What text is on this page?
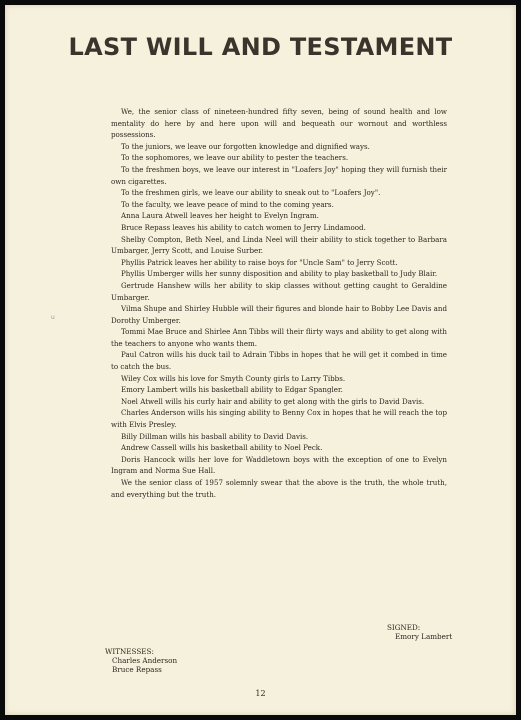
LAST WILL AND TESTAMENT
u

We, the senior class of nineteen-hundred fifty seven, being of sound health and low mentality do here by and here upon will and bequeath our wornout and worthless possessions.

To the juniors, we leave our forgotten knowledge and dignified ways.

To the sophomores, we leave our ability to pester the teachers.

To the freshmen boys, we leave our interest in "Loafers Joy" hoping they will furnish their own cigarettes.

To the freshmen girls, we leave our ability to sneak out to "Loafers Joy".

To the faculty, we leave peace of mind to the coming years.

Anna Laura Atwell leaves her height to Evelyn Ingram.

Bruce Repass leaves his ability to catch women to Jerry Lindamood.

Shelby Compton, Beth Neel, and Linda Neel will their ability to stick together to Barbara Umbarger, Jerry Scott, and Louise Surber.

Phyllis Patrick leaves her ability to raise boys for "Uncle Sam" to Jerry Scott.

Phyllis Umberger wills her sunny disposition and ability to play basketball to Judy Blair.

Gertrude Hanshew wills her ability to skip classes without getting caught to Geraldine Umbarger.

Vilma Shupe and Shirley Hubble will their figures and blonde hair to Bobby Lee Davis and Dorothy Umberger.

Tommi Mae Bruce and Shirlee Ann Tibbs will their flirty ways and ability to get along with the teachers to anyone who wants them.

Paul Catron wills his duck tail to Adrain Tibbs in hopes that he will get it combed in time to catch the bus.

Wiley Cox wills his love for Smyth County girls to Larry Tibbs.

Emory Lambert wills his basketball ability to Edgar Spangler.

Noel Atwell wills his curly hair and ability to get along with the girls to David Davis.

Charles Anderson wills his singing ability to Benny Cox in hopes that he will reach the top with Elvis Presley.

Billy Dillman wills his basball ability to David Davis.

Andrew Cassell wills his basketball ability to Noel Peck.

Doris Hancock wills her love for Waddletown boys with the exception of one to Evelyn Ingram and Norma Sue Hall.

We the senior class of 1957 solemnly swear that the above is the truth, the whole truth, and everything but the truth.

SIGNED:
Emory Lambert
WITNESSES:
Charles Anderson
Bruce Repass
12
